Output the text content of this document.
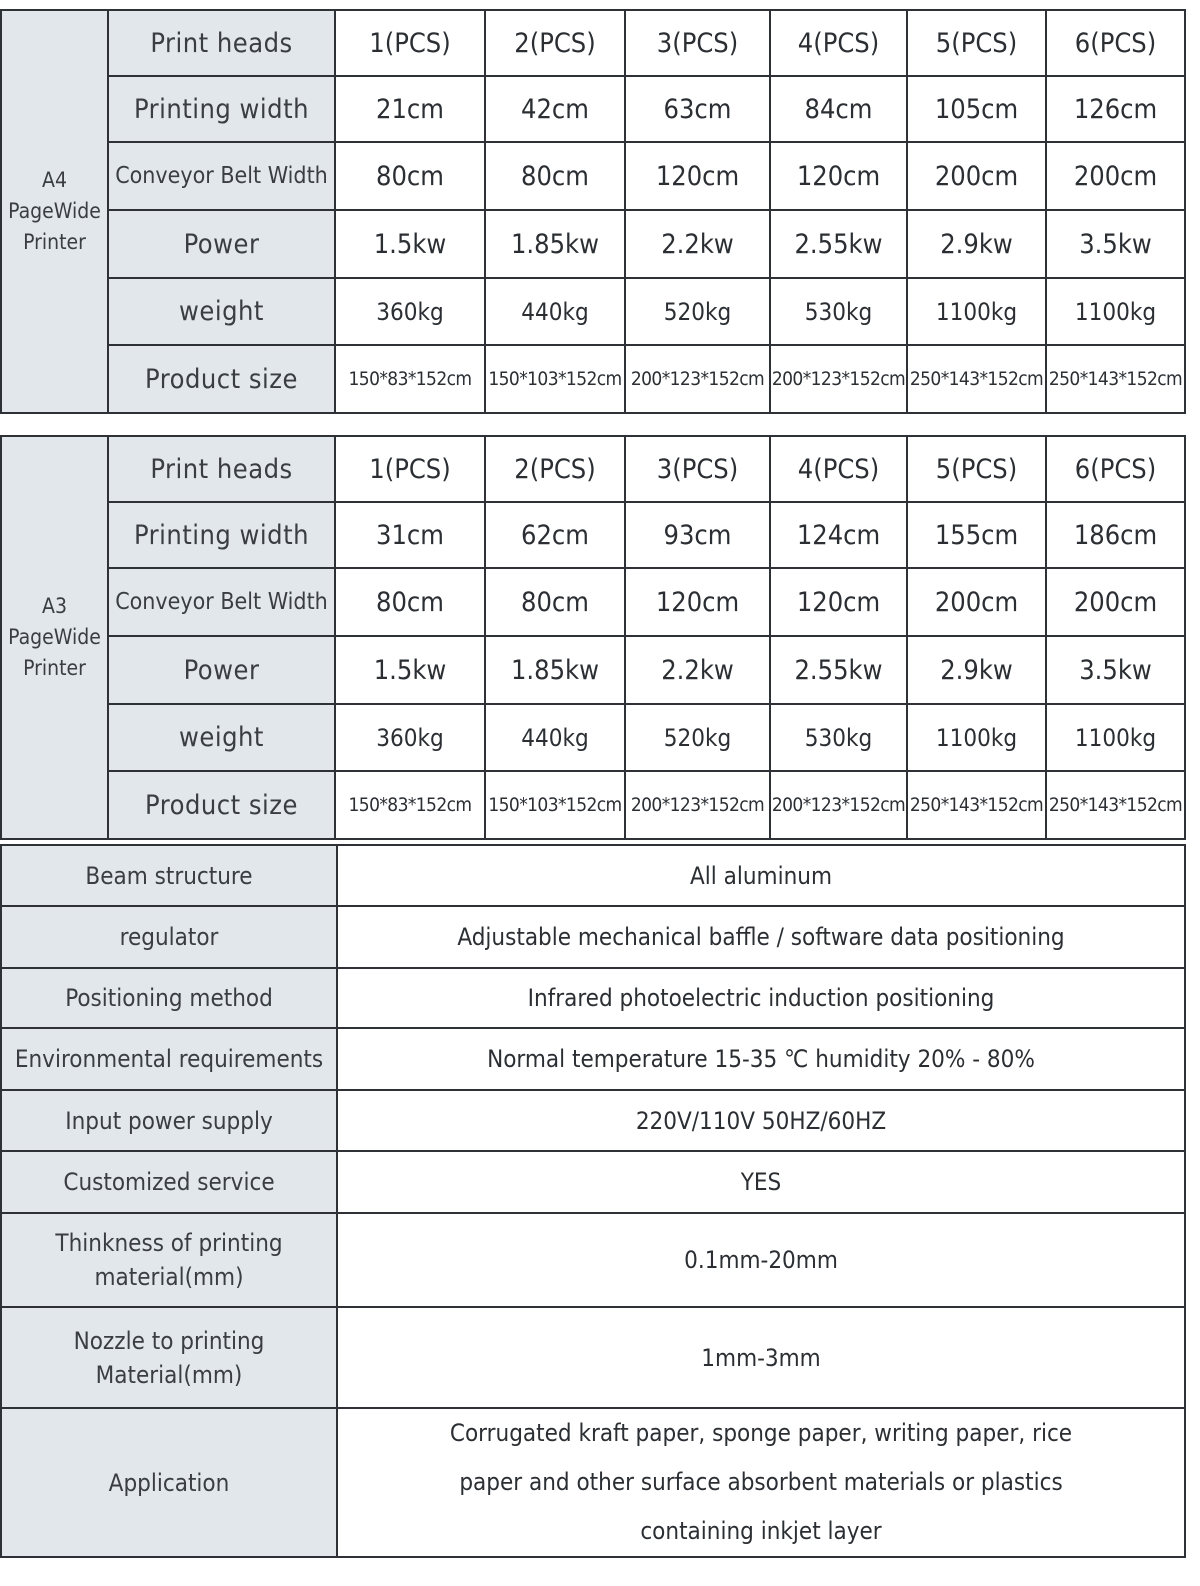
A4
PageWide
Printer	Print heads	1(PCS)	2(PCS)	3(PCS)	4(PCS)	5(PCS)	6(PCS)
	Printing width	21cm	42cm	63cm	84cm	105cm	126cm
	Conveyor Belt Width	80cm	80cm	120cm	120cm	200cm	200cm
	Power	1.5kw	1.85kw	2.2kw	2.55kw	2.9kw	3.5kw
	weight	360kg	440kg	520kg	530kg	1100kg	1100kg
	Product size	150*83*152cm	150*103*152cm	200*123*152cm	200*123*152cm	250*143*152cm	250*143*152cm
A3
PageWide
Printer	Print heads	1(PCS)	2(PCS)	3(PCS)	4(PCS)	5(PCS)	6(PCS)
	Printing width	31cm	62cm	93cm	124cm	155cm	186cm
	Conveyor Belt Width	80cm	80cm	120cm	120cm	200cm	200cm
	Power	1.5kw	1.85kw	2.2kw	2.55kw	2.9kw	3.5kw
	weight	360kg	440kg	520kg	530kg	1100kg	1100kg
	Product size	150*83*152cm	150*103*152cm	200*123*152cm	200*123*152cm	250*143*152cm	250*143*152cm
Beam structure	All aluminum
regulator	Adjustable mechanical baffle / software data positioning
Positioning method	Infrared photoelectric induction positioning
Environmental requirements	Normal temperature 15-35 ℃ humidity 20% - 80%
Input power supply	220V/110V 50HZ/60HZ
Customized service	YES
Thinkness of printing material(mm)	0.1mm-20mm
Nozzle to printing Material(mm)	1mm-3mm
Application	Corrugated kraft paper, sponge paper, writing paper, rice paper and other surface absorbent materials or plastics containing inkjet layer
